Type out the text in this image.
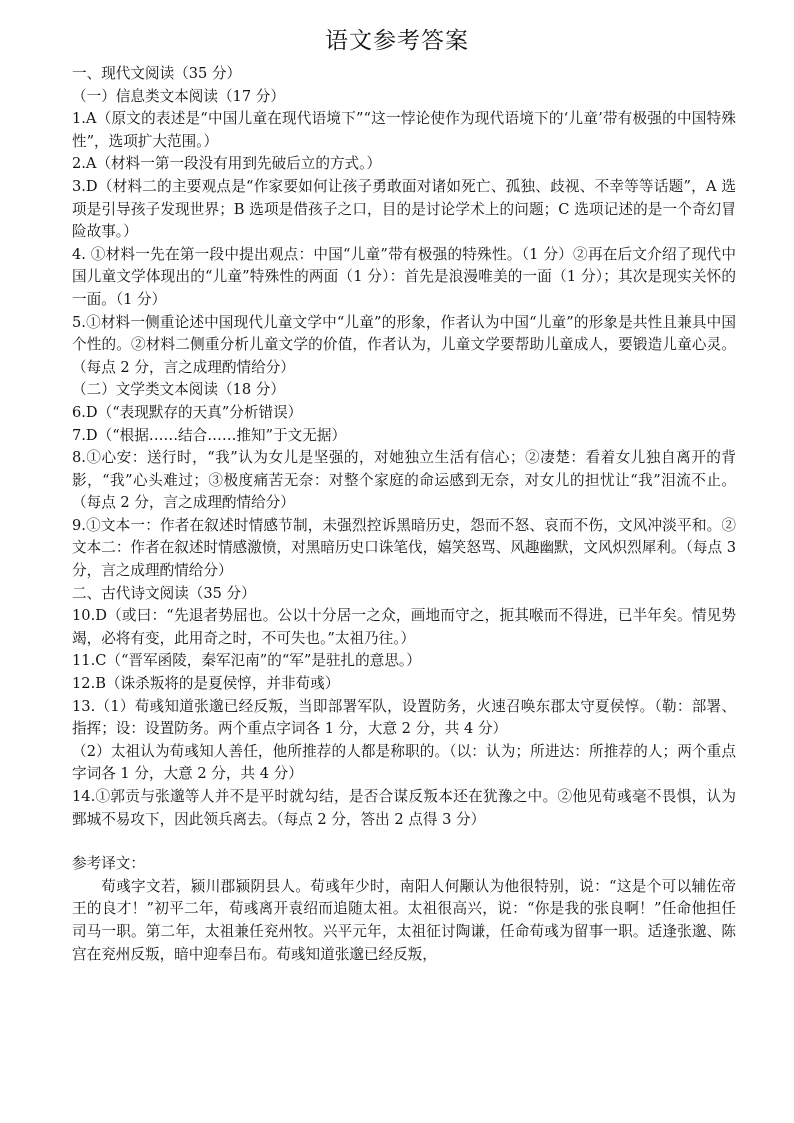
语文参考答案

一、现代文阅读（35 分）

（一）信息类文本阅读（17 分）

1.A（原文的表述是“中国儿童在现代语境下”“这一悖论使作为现代语境下的‘儿童’带有极强的中国特殊性”，选项扩大范围。）

2.A（材料一第一段没有用到先破后立的方式。）

3.D（材料二的主要观点是“作家要如何让孩子勇敢面对诸如死亡、孤独、歧视、不幸等等话题”，A 选项是引导孩子发现世界；B 选项是借孩子之口，目的是讨论学术上的问题；C 选项记述的是一个奇幻冒险故事。）

4. ①材料一先在第一段中提出观点：中国“儿童”带有极强的特殊性。（1 分）②再在后文介绍了现代中国儿童文学体现出的“儿童”特殊性的两面（1 分）：首先是浪漫唯美的一面（1 分）；其次是现实关怀的一面。（1 分）

5.①材料一侧重论述中国现代儿童文学中“儿童”的形象，作者认为中国“儿童”的形象是共性且兼具中国个性的。②材料二侧重分析儿童文学的价值，作者认为，儿童文学要帮助儿童成人，要锻造儿童心灵。（每点 2 分，言之成理酌情给分）

（二）文学类文本阅读（18 分）

6.D（“表现默存的天真”分析错误）

7.D（“根据……结合……推知”于文无据）

8.①心安：送行时，“我”认为女儿是坚强的，对她独立生活有信心；②凄楚：看着女儿独自离开的背影，“我”心头难过；③极度痛苦无奈：对整个家庭的命运感到无奈，对女儿的担忧让“我”泪流不止。（每点 2 分，言之成理酌情给分）

9.①文本一：作者在叙述时情感节制，未强烈控诉黑暗历史，怨而不怒、哀而不伤，文风冲淡平和。②文本二：作者在叙述时情感激愤，对黑暗历史口诛笔伐，嬉笑怒骂、风趣幽默，文风炽烈犀利。（每点 3 分，言之成理酌情给分）

二、古代诗文阅读（35 分）

10.D（或曰：“先退者势屈也。公以十分居一之众，画地而守之，扼其喉而不得进，已半年矣。情见势竭，必将有变，此用奇之时，不可失也。”太祖乃往。）

11.C（“晋军函陵，秦军氾南”的“军”是驻扎的意思。）

12.B（诛杀叛将的是夏侯惇，并非荀彧）

13.（1）荀彧知道张邈已经反叛，当即部署军队，设置防务，火速召唤东郡太守夏侯惇。（勒：部署、指挥；设：设置防务。两个重点字词各 1 分，大意 2 分，共 4 分）

（2）太祖认为荀彧知人善任，他所推荐的人都是称职的。（以：认为；所进达：所推荐的人；两个重点字词各 1 分，大意 2 分，共 4 分）

14.①郭贡与张邈等人并不是平时就勾结，是否合谋反叛本还在犹豫之中。②他见荀彧毫不畏惧，认为鄄城不易攻下，因此领兵离去。（每点 2 分，答出 2 点得 3 分）

参考译文：

荀彧字文若，颍川郡颍阴县人。荀彧年少时，南阳人何颙认为他很特别，说：“这是个可以辅佐帝王的良才！”初平二年，荀彧离开袁绍而追随太祖。太祖很高兴，说：“你是我的张良啊！”任命他担任司马一职。第二年，太祖兼任兖州牧。兴平元年，太祖征讨陶谦，任命荀彧为留事一职。适逢张邈、陈宫在兖州反叛，暗中迎奉吕布。荀彧知道张邈已经反叛，
